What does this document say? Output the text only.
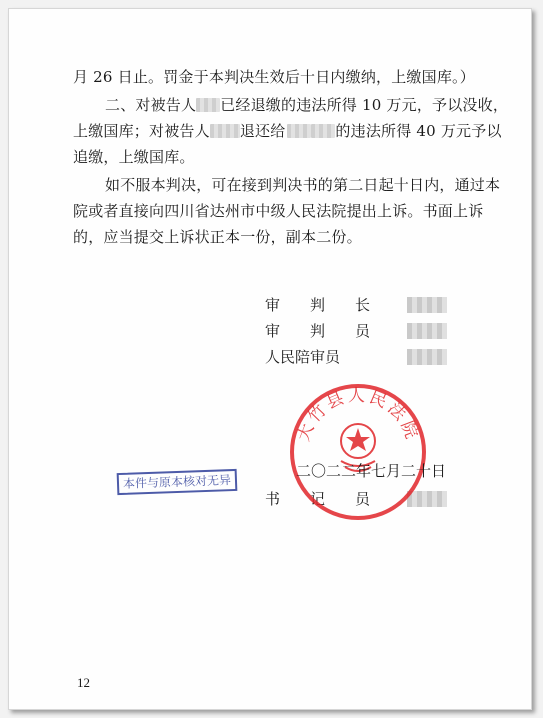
月 26 日止。罚金于本判决生效后十日内缴纳，上缴国库。）
二、对被告人 已经退缴的违法所得 10 万元，予以没收，
上缴国库；对被告人 退还给	的违法所得 40 万元予以
追缴，上缴国库。
如不服本判决，可在接到判决书的第二日起十日内，通过本
院或者直接向四川省达州市中级人民法院提出上诉。书面上诉
的，应当提交上诉状正本一份，副本二份。
审　　判　　长
审　　判　　员
人民陪审员
大竹县人民法院
二〇二二年七月二十日
本件与原本核对无异
书　　记　　员
12
